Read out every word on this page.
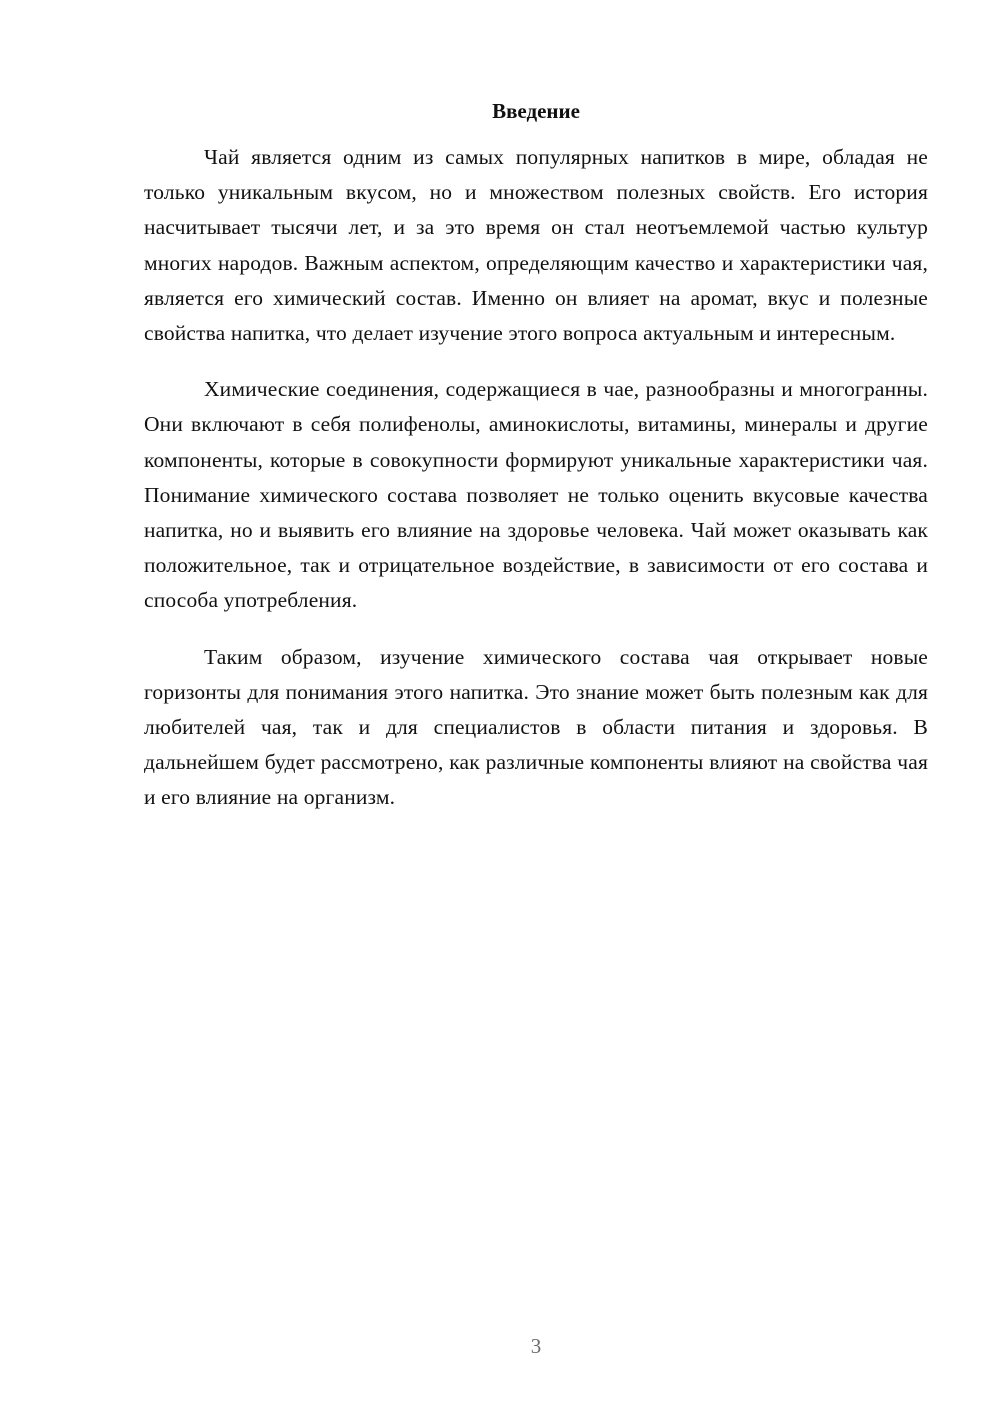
Введение

Чай является одним из самых популярных напитков в мире, обладая не только уникальным вкусом, но и множеством полезных свойств. Его история насчитывает тысячи лет, и за это время он стал неотъемлемой частью культур многих народов. Важным аспектом, определяющим качество и характеристики чая, является его химический состав. Именно он влияет на аромат, вкус и полезные свойства напитка, что делает изучение этого вопроса актуальным и интересным.

Химические соединения, содержащиеся в чае, разнообразны и многогранны. Они включают в себя полифенолы, аминокислоты, витамины, минералы и другие компоненты, которые в совокупности формируют уникальные характеристики чая. Понимание химического состава позволяет не только оценить вкусовые качества напитка, но и выявить его влияние на здоровье человека. Чай может оказывать как положительное, так и отрицательное воздействие, в зависимости от его состава и способа употребления.

Таким образом, изучение химического состава чая открывает новые горизонты для понимания этого напитка. Это знание может быть полезным как для любителей чая, так и для специалистов в области питания и здоровья. В дальнейшем будет рассмотрено, как различные компоненты влияют на свойства чая и его влияние на организм.

3
